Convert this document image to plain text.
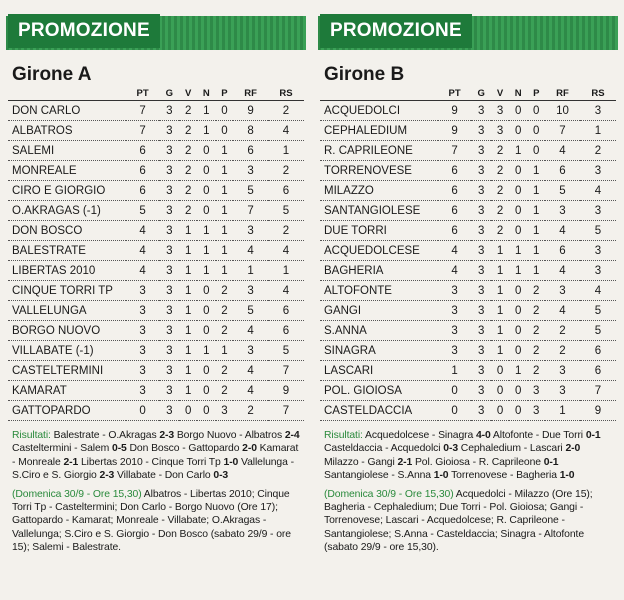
PROMOZIONE
Girone A
	PT	G	V	N	P	RF	RS
DON CARLO	7	3	2	1	0	9	2
ALBATROS	7	3	2	1	0	8	4
SALEMI	6	3	2	0	1	6	1
MONREALE	6	3	2	0	1	3	2
CIRO E GIORGIO	6	3	2	0	1	5	6
O.AKRAGAS (-1)	5	3	2	0	1	7	5
DON BOSCO	4	3	1	1	1	3	2
BALESTRATE	4	3	1	1	1	4	4
LIBERTAS 2010	4	3	1	1	1	1	1
CINQUE TORRI TP	3	3	1	0	2	3	4
VALLELUNGA	3	3	1	0	2	5	6
BORGO NUOVO	3	3	1	0	2	4	6
VILLABATE (-1)	3	3	1	1	1	3	5
CASTELTERMINI	3	3	1	0	2	4	7
KAMARAT	3	3	1	0	2	4	9
GATTOPARDO	0	3	0	0	3	2	7
Risultati: Balestrate - O.Akragas 2-3 Borgo Nuovo - Albatros 2-4 Casteltermini - Salem 0-5 Don Bosco - Gattopardo 2-0 Kamarat - Monreale 2-1 Libertas 2010 - Cinque Torri Tp 1-0 Vallelunga - S.Ciro e S. Giorgio 2-3 Villabate - Don Carlo 0-3
(Domenica 30/9 - Ore 15,30) Albatros - Libertas 2010; Cinque Torri Tp - Casteltermini; Don Carlo - Borgo Nuovo (Ore 17); Gattopardo - Kamarat; Monreale - Villabate; O.Akragas - Vallelunga; S.Ciro e S. Giorgio - Don Bosco (sabato 29/9 - ore 15); Salemi - Balestrate.
PROMOZIONE
Girone B
	PT	G	V	N	P	RF	RS
ACQUEDOLCI	9	3	3	0	0	10	3
CEPHALEDIUM	9	3	3	0	0	7	1
R. CAPRILEONE	7	3	2	1	0	4	2
TORRENOVESE	6	3	2	0	1	6	3
MILAZZO	6	3	2	0	1	5	4
SANTANGIOLESE	6	3	2	0	1	3	3
DUE TORRI	6	3	2	0	1	4	5
ACQUEDOLCESE	4	3	1	1	1	6	3
BAGHERIA	4	3	1	1	1	4	3
ALTOFONTE	3	3	1	0	2	3	4
GANGI	3	3	1	0	2	4	5
S.ANNA	3	3	1	0	2	2	5
SINAGRA	3	3	1	0	2	2	6
LASCARI	1	3	0	1	2	3	6
POL. GIOIOSA	0	3	0	0	3	3	7
CASTELDACCIA	0	3	0	0	3	1	9
Risultati: Acquedolcese - Sinagra 4-0 Altofonte - Due Torri 0-1 Casteldaccia - Acquedolci 0-3 Cephaledium - Lascari 2-0 Milazzo - Gangi 2-1 Pol. Gioiosa - R. Caprileone 0-1 Santangiolese - S.Anna 1-0 Torrenovese - Bagheria 1-0
(Domenica 30/9 - Ore 15,30) Acquedolci - Milazzo (Ore 15); Bagheria - Cephaledium; Due Torri - Pol. Gioiosa; Gangi - Torrenovese; Lascari - Acquedolcese; R. Caprileone - Santangiolese; S.Anna - Casteldaccia; Sinagra - Altofonte (sabato 29/9 - ore 15,30).
